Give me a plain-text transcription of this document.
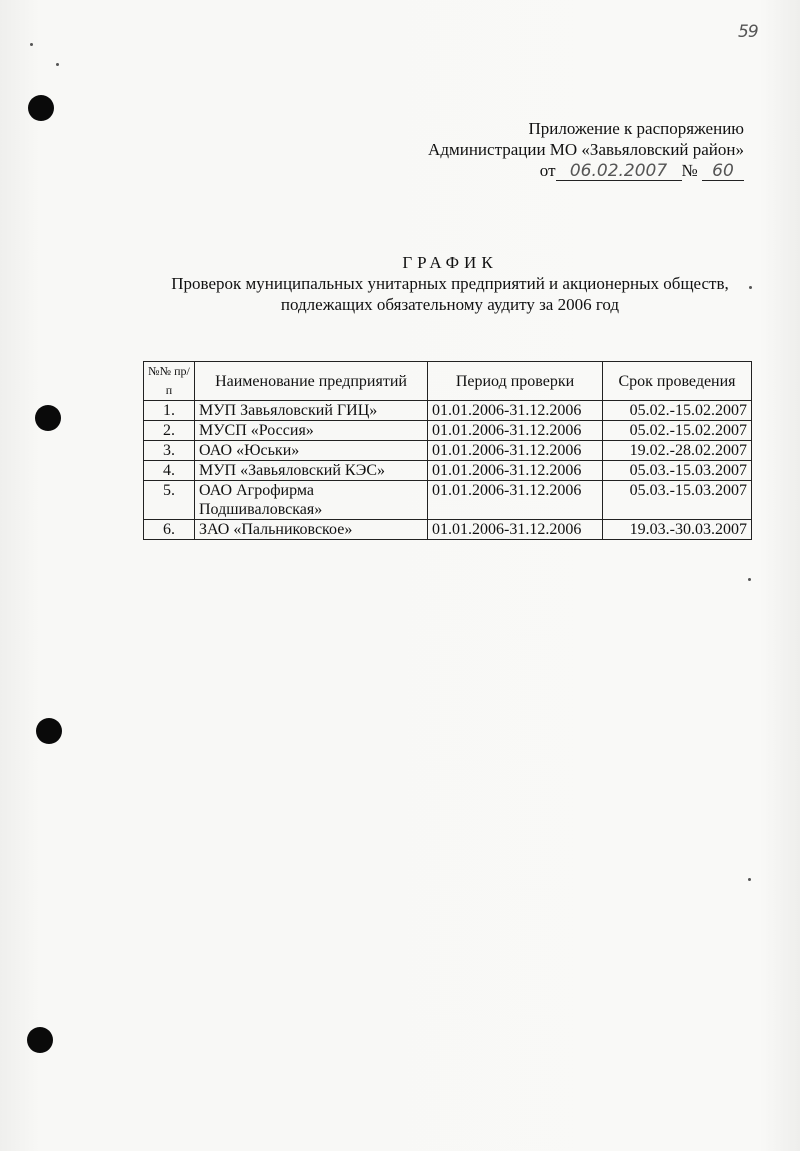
59
Приложение к распоряжению
Администрации МО «Завьяловский район»
от 06.02.2007 № 60
ГРАФИК
Проверок муниципальных унитарных предприятий и акционерных обществ,
подлежащих обязательному аудиту за 2006 год
№№ пр/п	Наименование предприятий	Период проверки	Срок проведения
1.	МУП Завьяловский ГИЦ»	01.01.2006-31.12.2006	05.02.-15.02.2007
2.	МУСП «Россия»	01.01.2006-31.12.2006	05.02.-15.02.2007
3.	ОАО «Юськи»	01.01.2006-31.12.2006	19.02.-28.02.2007
4.	МУП «Завьяловский КЭС»	01.01.2006-31.12.2006	05.03.-15.03.2007
5.	ОАО Агрофирма Подшиваловская»	01.01.2006-31.12.2006	05.03.-15.03.2007
6.	ЗАО «Пальниковское»	01.01.2006-31.12.2006	19.03.-30.03.2007
